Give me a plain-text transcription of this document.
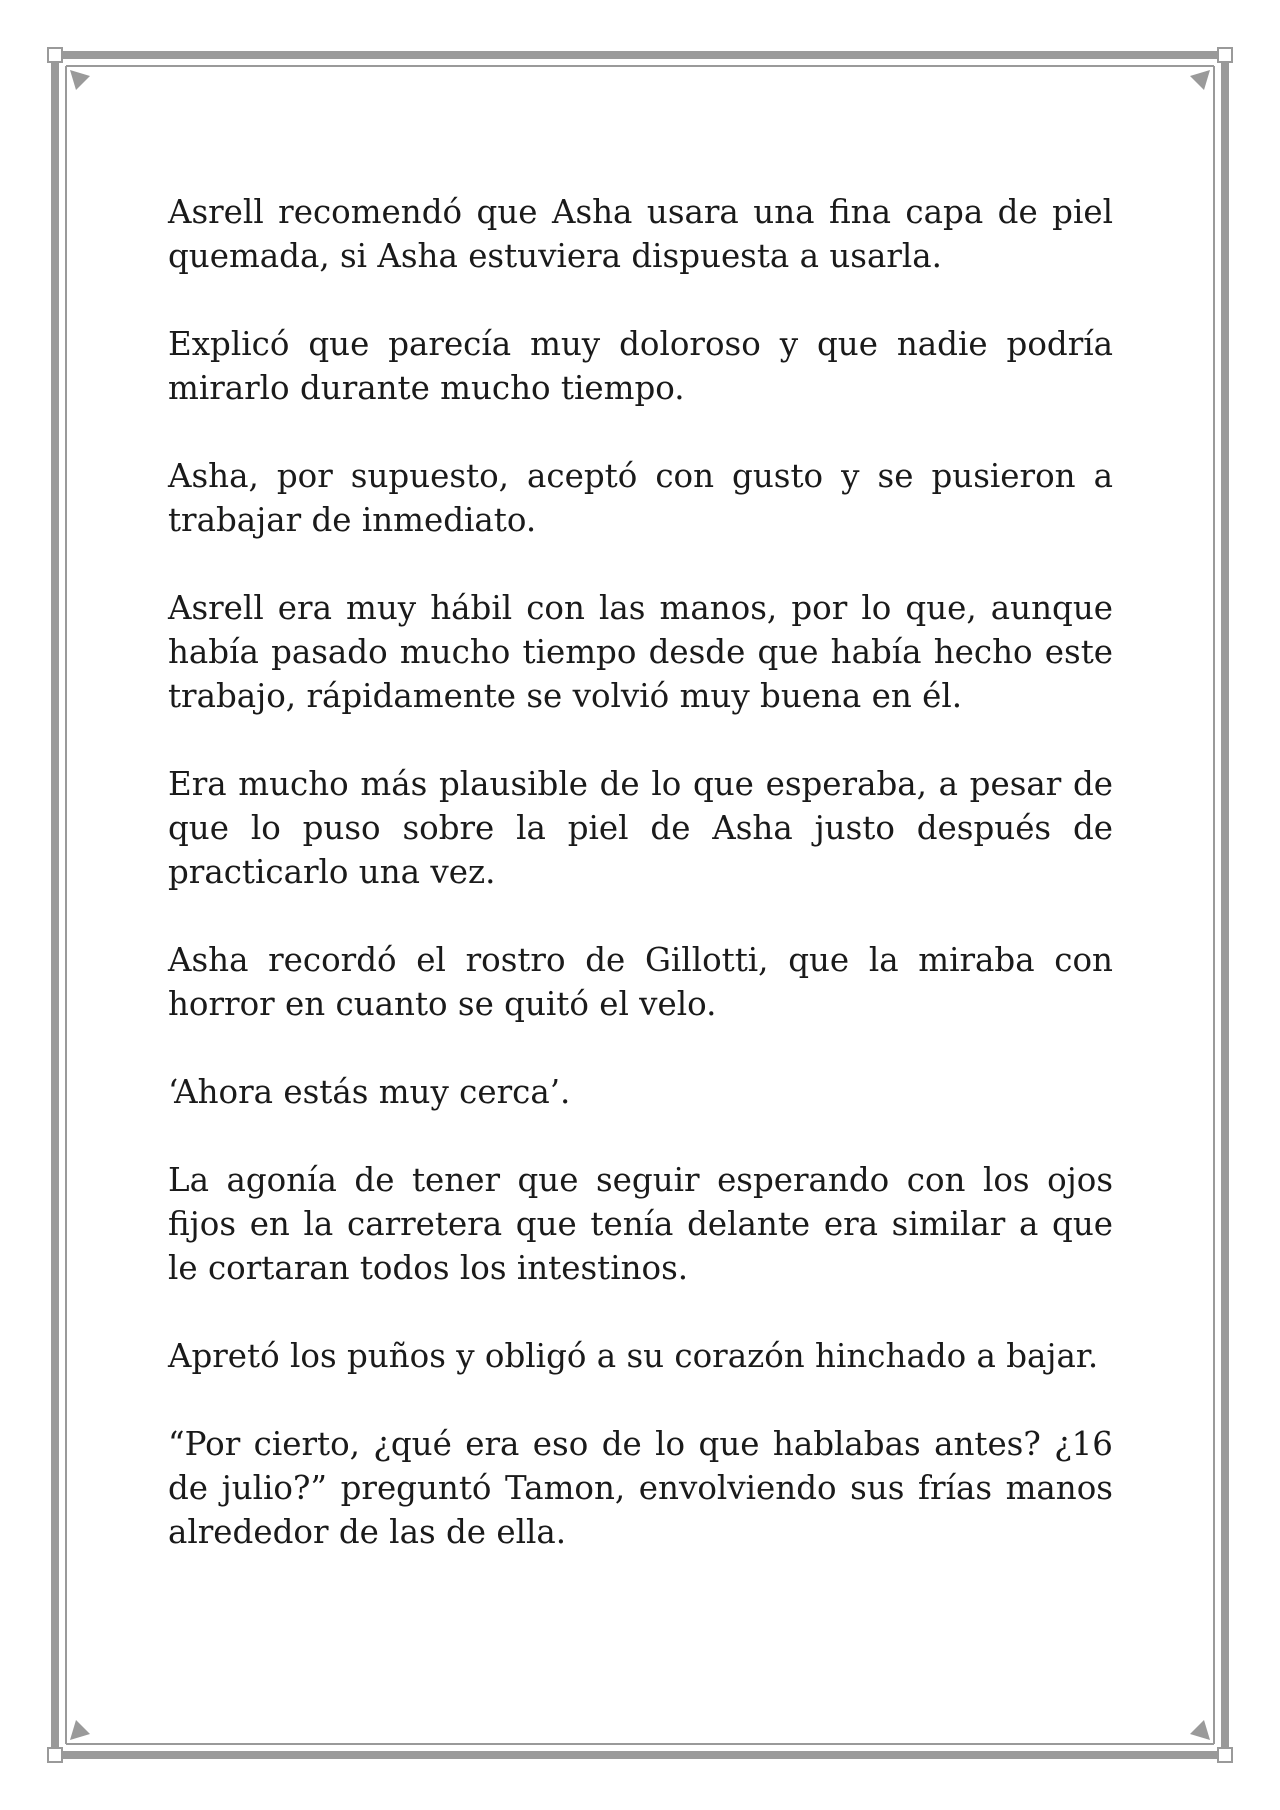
Asrell recomendó que Asha usara una fina capa de piel quemada, si Asha estuviera dispuesta a usarla.

Explicó que parecía muy doloroso y que nadie podría mirarlo durante mucho tiempo.

Asha, por supuesto, aceptó con gusto y se pusieron a trabajar de inmediato.

Asrell era muy hábil con las manos, por lo que, aunque había pasado mucho tiempo desde que había hecho este trabajo, rápidamente se volvió muy buena en él.

Era mucho más plausible de lo que esperaba, a pesar de que lo puso sobre la piel de Asha justo después de practicarlo una vez.

Asha recordó el rostro de Gillotti, que la miraba con horror en cuanto se quitó el velo.

‘Ahora estás muy cerca’.

La agonía de tener que seguir esperando con los ojos fijos en la carretera que tenía delante era similar a que le cortaran todos los intestinos.

Apretó los puños y obligó a su corazón hinchado a bajar.

“Por cierto, ¿qué era eso de lo que hablabas antes? ¿16 de julio?” preguntó Tamon, envolviendo sus frías manos alrededor de las de ella.
